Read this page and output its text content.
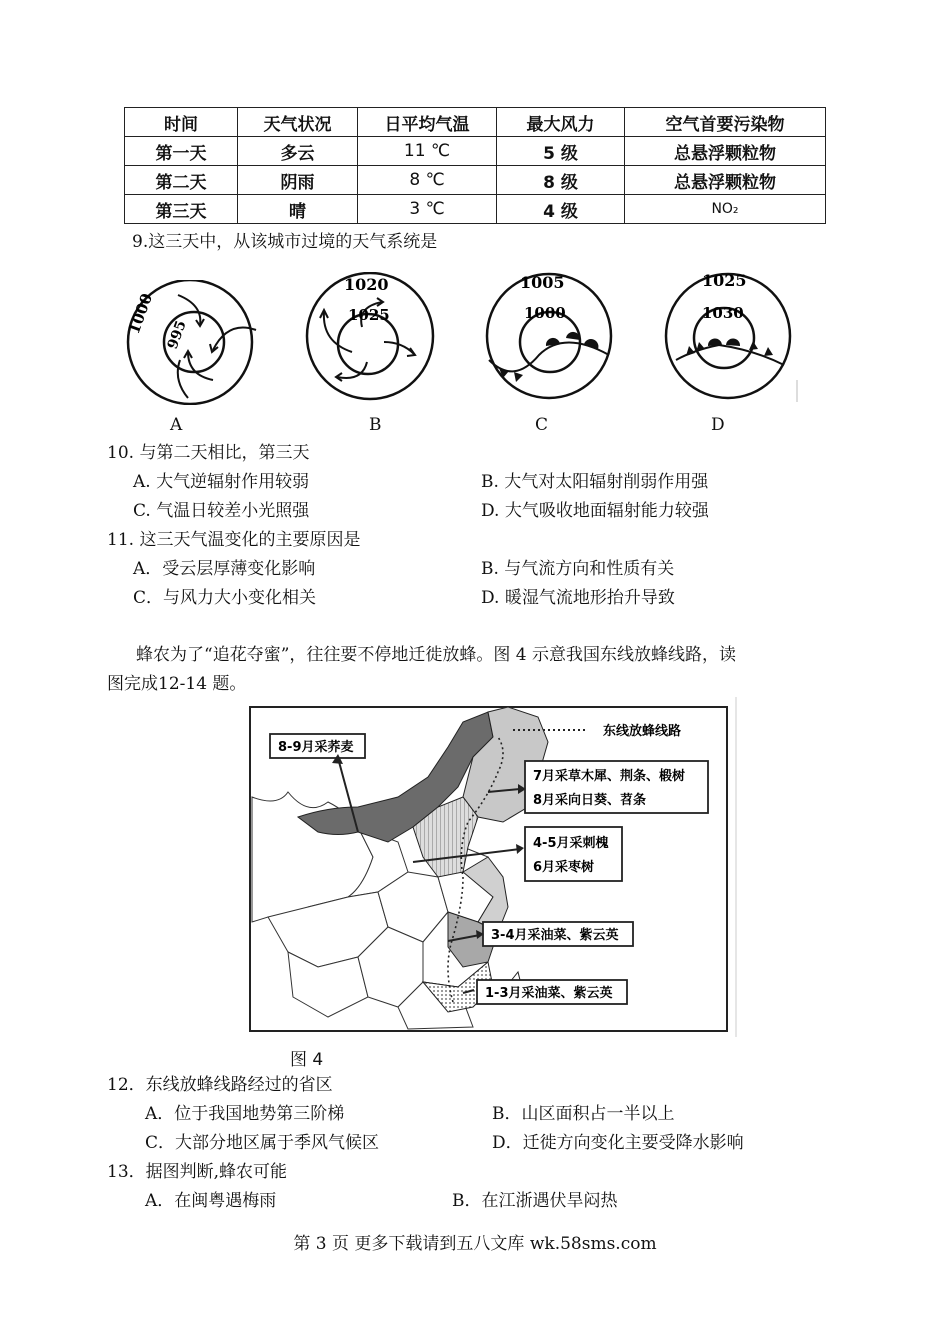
时间	天气状况	日平均气温	最大风力	空气首要污染物
第一天	多云	11 ℃	5 级	总悬浮颗粒物
第二天	阴雨	8 ℃	8 级	总悬浮颗粒物
第三天	晴	3 ℃	4 级	NO₂
9.这三天中，从该城市过境的天气系统是
1000 995
A
1020
1025
B
1005
1000
C
1025
1030
D
10. 与第二天相比，第三天
A. 大气逆辐射作用较弱	B. 大气对太阳辐射削弱作用强
C. 气温日较差小光照强	D. 大气吸收地面辐射能力较强
11. 这三天气温变化的主要原因是
A．受云层厚薄变化影响	B. 与气流方向和性质有关
C．与风力大小变化相关	D. 暖湿气流地形抬升导致
蜂农为了“追花夺蜜”，往往要不停地迁徙放蜂。图 4 示意我国东线放蜂线路，读
图完成12-14 题。
东线放蜂线路
8-9月采荞麦
7月采草木犀、荆条、椴树
8月采向日葵、苕条
4-5月采刺槐
6月采枣树
3-4月采油菜、紫云英
1-3月采油菜、紫云英
图 4
12．东线放蜂线路经过的省区
A．位于我国地势第三阶梯	B．山区面积占一半以上
C．大部分地区属于季风气候区	D．迁徙方向变化主要受降水影响
13．据图判断,蜂农可能
A．在闽粤遇梅雨	B．在江浙遇伏旱闷热
第 3 页 更多下载请到五八文库 wk.58sms.com
